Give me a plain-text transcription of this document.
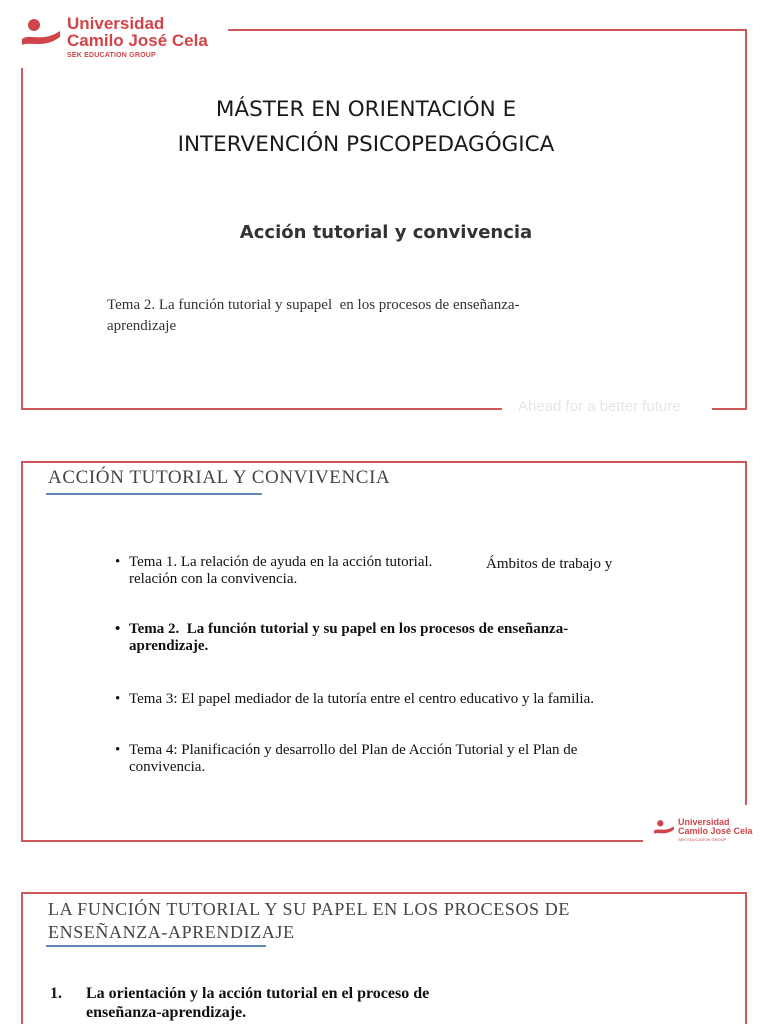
Universidad
Camilo José Cela
SEK EDUCATION GROUP
MÁSTER EN ORIENTACIÓN E
INTERVENCIÓN PSICOPEDAGÓGICA
Acción tutorial y convivencia
Tema 2. La función tutorial y supapel  en los procesos de enseñanza-
aprendizaje
Ahead for a better future
ACCIÓN TUTORIAL Y CONVIVENCIA
• Tema 1. La relación de ayuda en la acción tutorial.	Ámbitos de trabajo y
relación con la convivencia.
• Tema 2.  La función tutorial y su papel en los procesos de enseñanza-
aprendizaje.
• Tema 3: El papel mediador de la tutoría entre el centro educativo y la familia.
• Tema 4: Planificación y desarrollo del Plan de Acción Tutorial y el Plan de
convivencia.
Universidad
Camilo José Cela
SEK EDUCATION GROUP
LA FUNCIÓN TUTORIAL Y SU PAPEL EN LOS PROCESOS DE
ENSEÑANZA-APRENDIZAJE
1. La orientación y la acción tutorial en el proceso de
enseñanza-aprendizaje.
